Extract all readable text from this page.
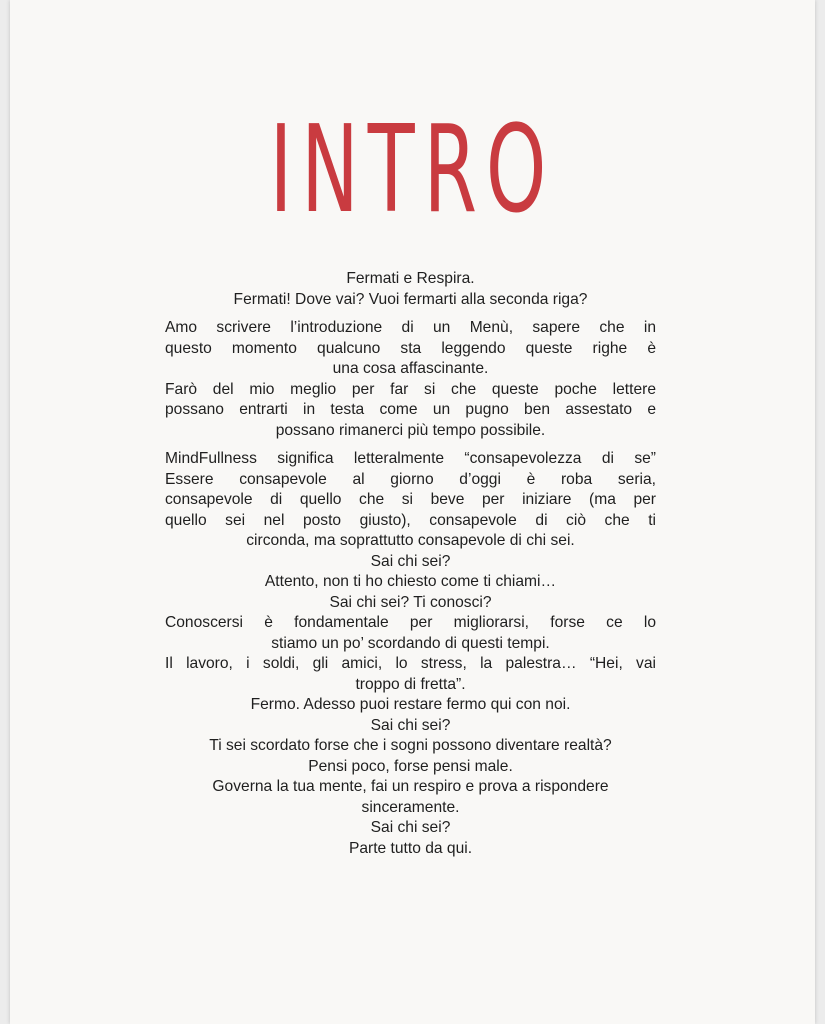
INTRO
Fermati e Respira.
Fermati! Dove vai? Vuoi fermarti alla seconda riga?
Amo scrivere l’introduzione di un Menù, sapere che in
questo momento qualcuno sta leggendo queste righe è
una cosa affascinante.
Farò del mio meglio per far si che queste poche lettere
possano entrarti in testa come un pugno ben assestato e
possano rimanerci più tempo possibile.
MindFullness significa letteralmente “consapevolezza di se”
Essere consapevole al giorno d’oggi è roba seria,
consapevole di quello che si beve per iniziare (ma per
quello sei nel posto giusto), consapevole di ciò che ti
circonda, ma soprattutto consapevole di chi sei.
Sai chi sei?
Attento, non ti ho chiesto come ti chiami…
Sai chi sei? Ti conosci?
Conoscersi è fondamentale per migliorarsi, forse ce lo
stiamo un po’ scordando di questi tempi.
Il lavoro, i soldi, gli amici, lo stress, la palestra… “Hei, vai
troppo di fretta”.
Fermo. Adesso puoi restare fermo qui con noi.
Sai chi sei?
Ti sei scordato forse che i sogni possono diventare realtà?
Pensi poco, forse pensi male.
Governa la tua mente, fai un respiro e prova a rispondere
sinceramente.
Sai chi sei?
Parte tutto da qui.
